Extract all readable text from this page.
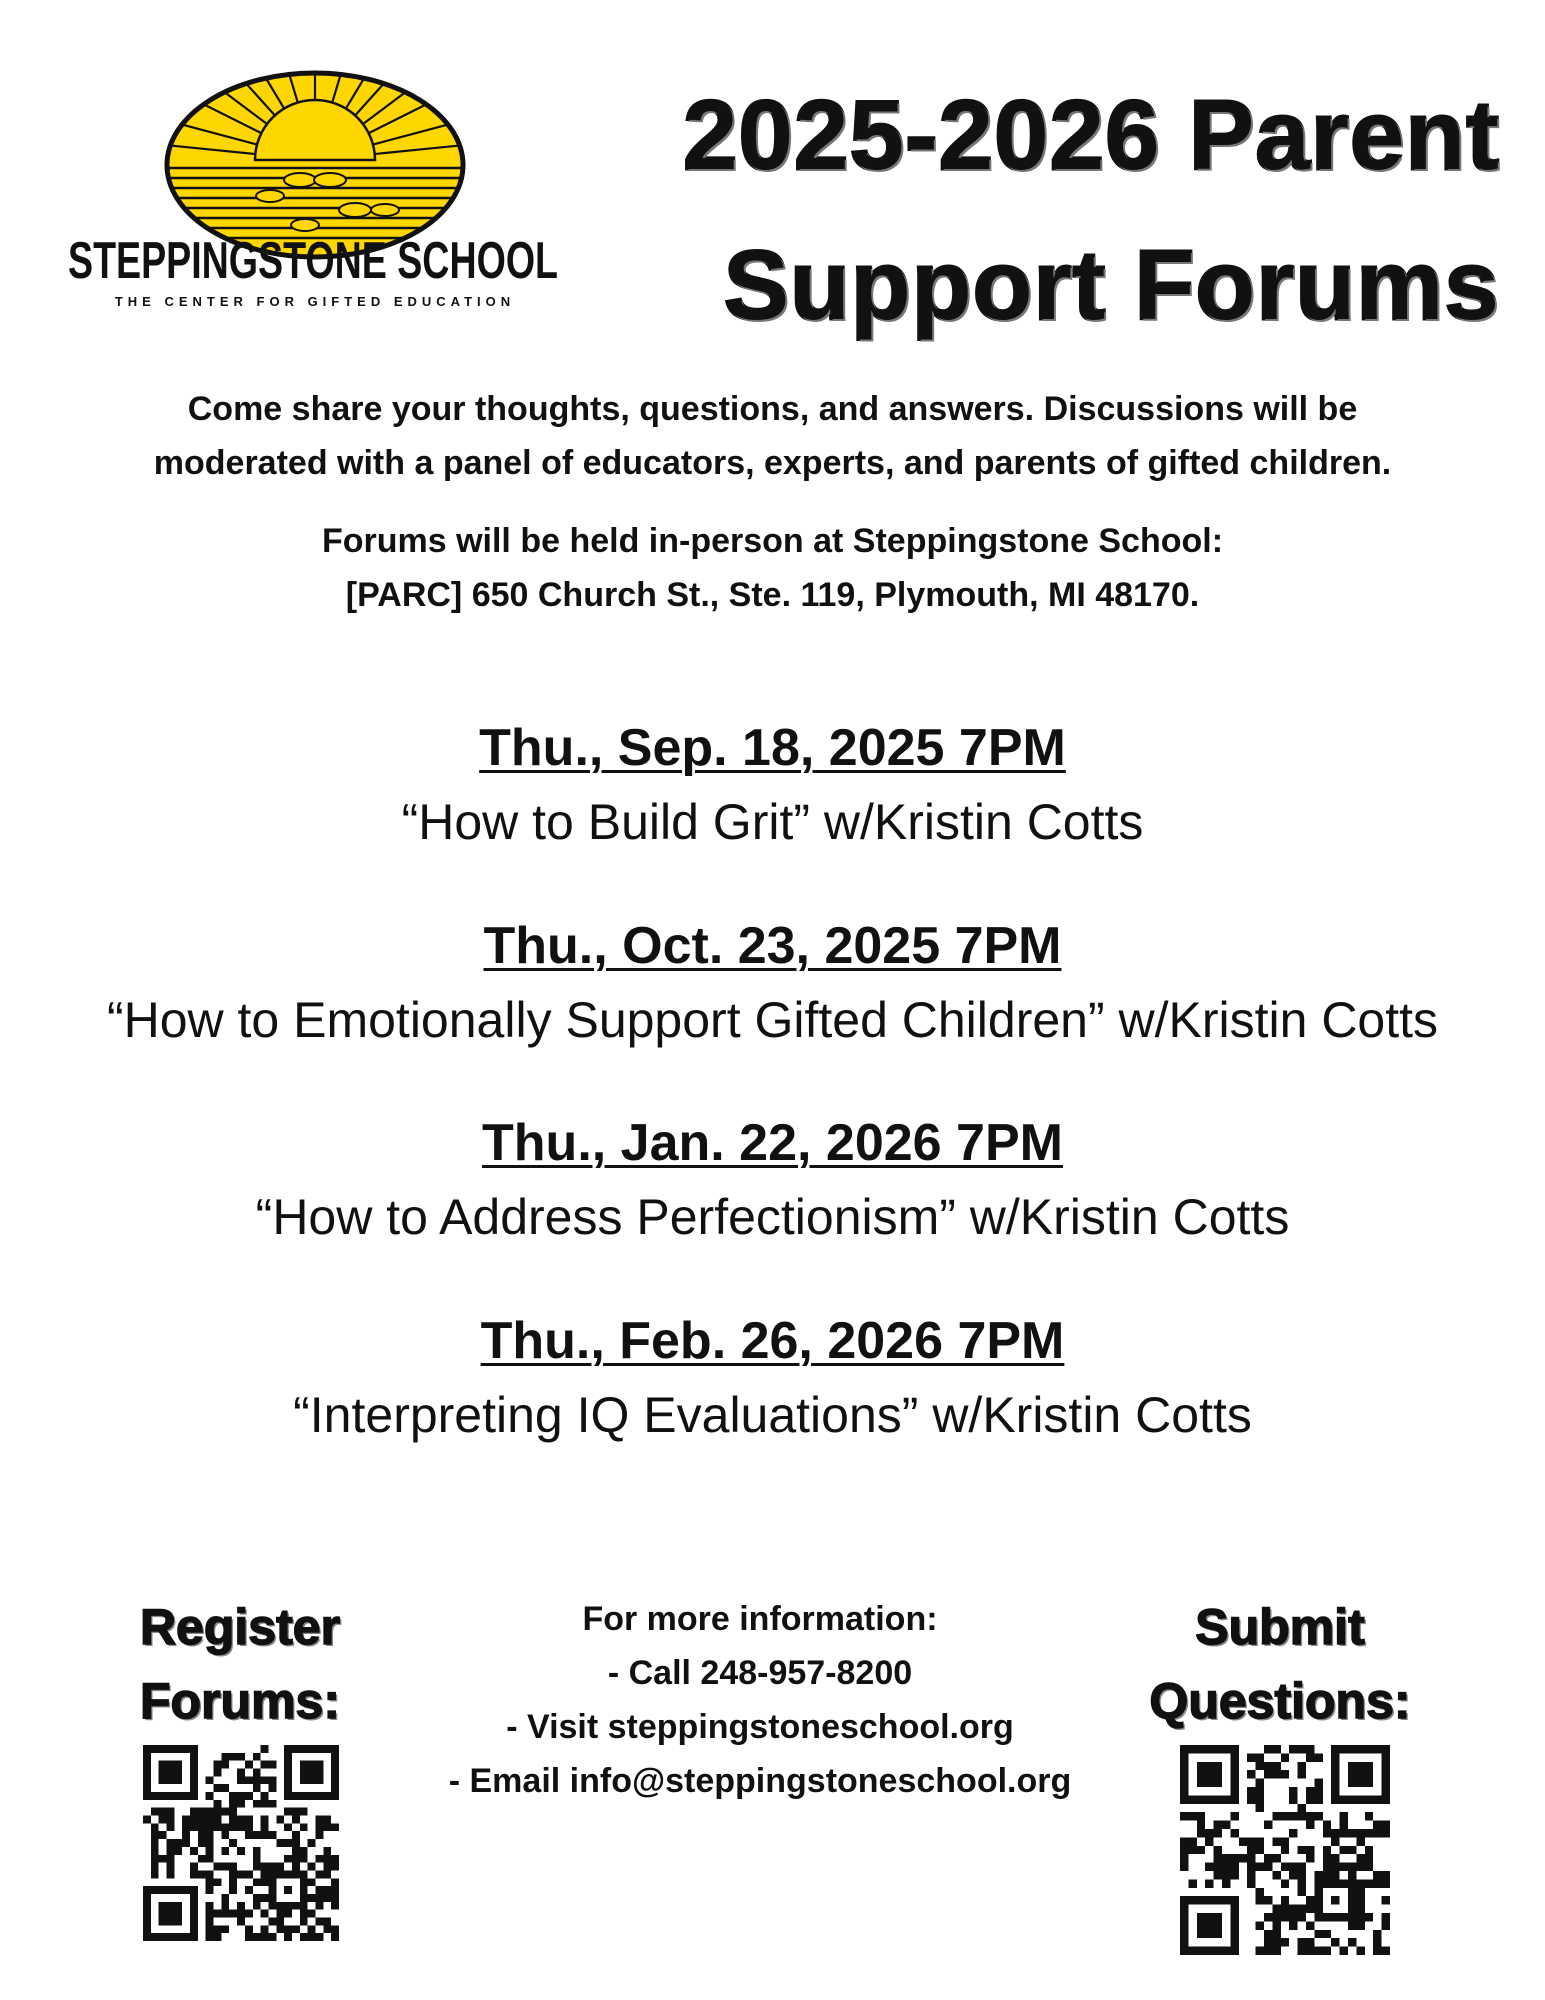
STEPPINGSTONE SCHOOL
THE CENTER FOR GIFTED EDUCATION
2025-2026 Parent
Support Forums
Come share your thoughts, questions, and answers. Discussions will be
moderated with a panel of educators, experts, and parents of gifted children.
Forums will be held in-person at Steppingstone School:
[PARC] 650 Church St., Ste. 119, Plymouth, MI 48170.
Thu., Sep. 18, 2025 7PM
“How to Build Grit” w/Kristin Cotts
Thu., Oct. 23, 2025 7PM
“How to Emotionally Support Gifted Children” w/Kristin Cotts
Thu., Jan. 22, 2026 7PM
“How to Address Perfectionism” w/Kristin Cotts
Thu., Feb. 26, 2026 7PM
“Interpreting IQ Evaluations” w/Kristin Cotts
Register
Forums:
For more information:
- Call 248-957-8200
- Visit steppingstoneschool.org
- Email info@steppingstoneschool.org
Submit
Questions:
